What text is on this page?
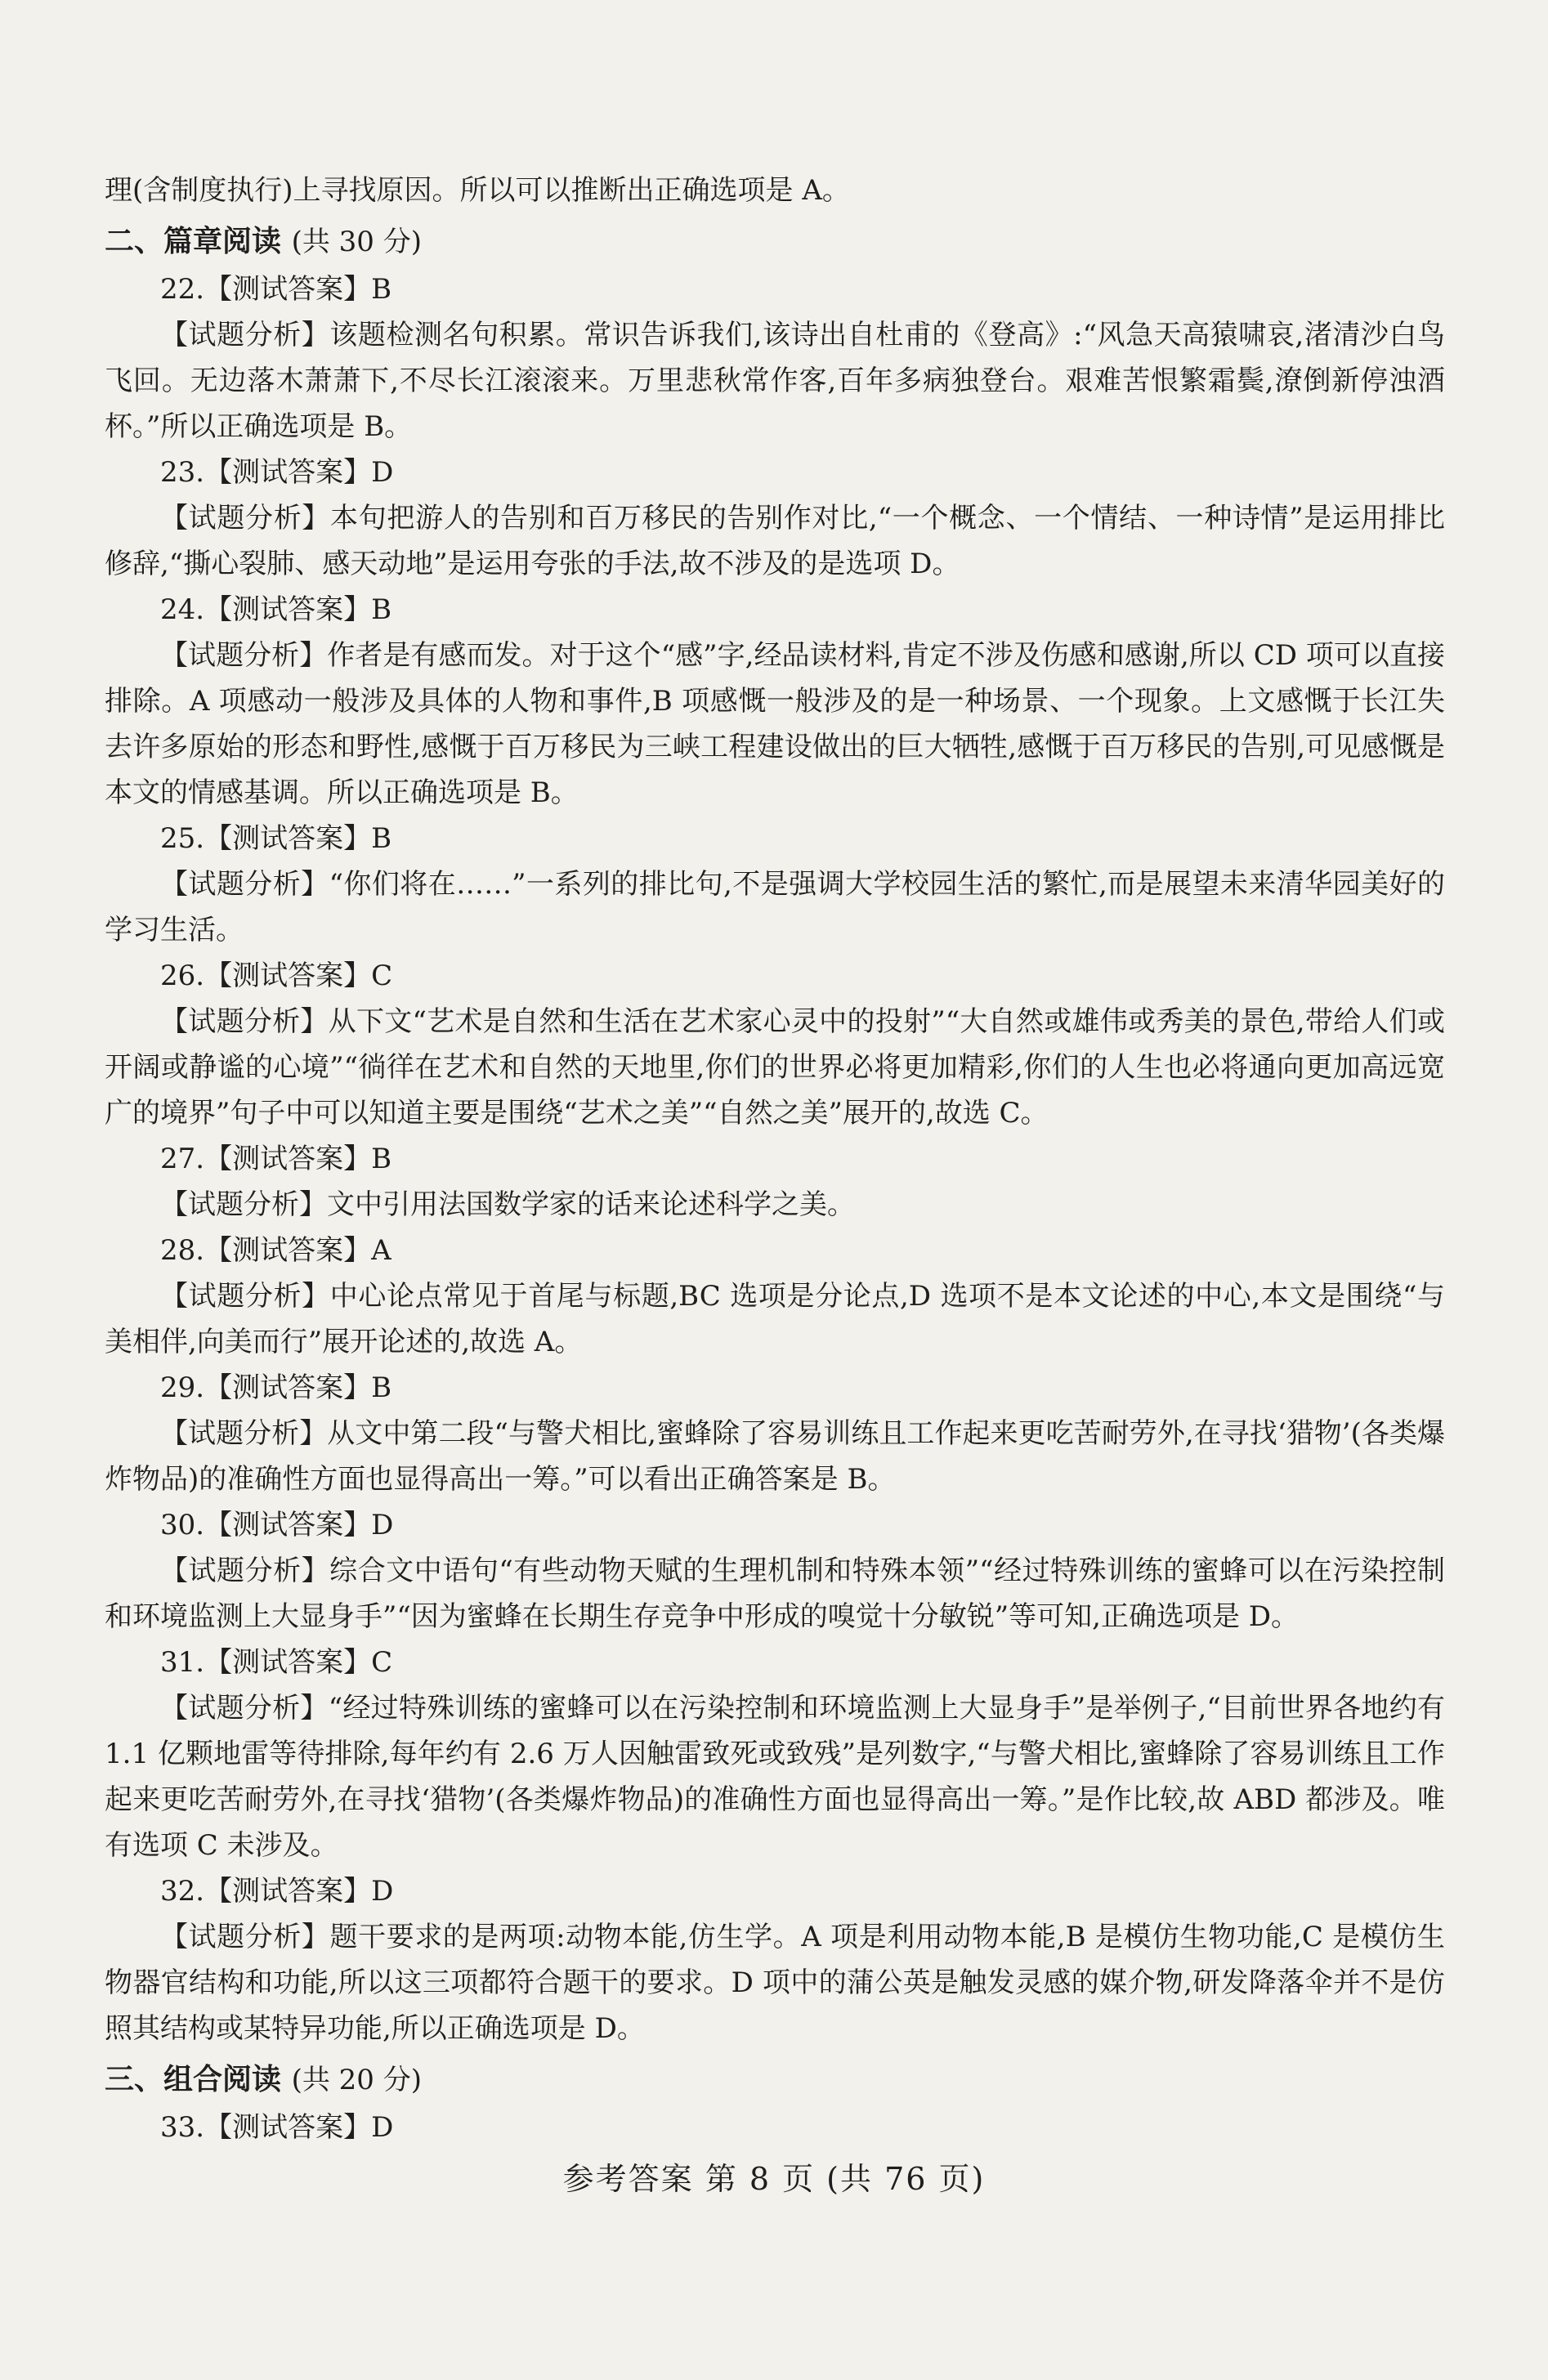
理(含制度执行)上寻找原因。所以可以推断出正确选项是 A。

二、篇章阅读 (共 30 分)

22.【测试答案】B

【试题分析】该题检测名句积累。常识告诉我们,该诗出自杜甫的《登高》:“风急天高猿啸哀,渚清沙白鸟飞回。无边落木萧萧下,不尽长江滚滚来。万里悲秋常作客,百年多病独登台。艰难苦恨繁霜鬓,潦倒新停浊酒杯。”所以正确选项是 B。

23.【测试答案】D

【试题分析】本句把游人的告别和百万移民的告别作对比,“一个概念、一个情结、一种诗情”是运用排比修辞,“撕心裂肺、感天动地”是运用夸张的手法,故不涉及的是选项 D。

24.【测试答案】B

【试题分析】作者是有感而发。对于这个“感”字,经品读材料,肯定不涉及伤感和感谢,所以 CD 项可以直接排除。A 项感动一般涉及具体的人物和事件,B 项感慨一般涉及的是一种场景、一个现象。上文感慨于长江失去许多原始的形态和野性,感慨于百万移民为三峡工程建设做出的巨大牺牲,感慨于百万移民的告别,可见感慨是本文的情感基调。所以正确选项是 B。

25.【测试答案】B

【试题分析】“你们将在……”一系列的排比句,不是强调大学校园生活的繁忙,而是展望未来清华园美好的学习生活。

26.【测试答案】C

【试题分析】从下文“艺术是自然和生活在艺术家心灵中的投射”“大自然或雄伟或秀美的景色,带给人们或开阔或静谧的心境”“徜徉在艺术和自然的天地里,你们的世界必将更加精彩,你们的人生也必将通向更加高远宽广的境界”句子中可以知道主要是围绕“艺术之美”“自然之美”展开的,故选 C。

27.【测试答案】B

【试题分析】文中引用法国数学家的话来论述科学之美。

28.【测试答案】A

【试题分析】中心论点常见于首尾与标题,BC 选项是分论点,D 选项不是本文论述的中心,本文是围绕“与美相伴,向美而行”展开论述的,故选 A。

29.【测试答案】B

【试题分析】从文中第二段“与警犬相比,蜜蜂除了容易训练且工作起来更吃苦耐劳外,在寻找‘猎物’(各类爆炸物品)的准确性方面也显得高出一筹。”可以看出正确答案是 B。

30.【测试答案】D

【试题分析】综合文中语句“有些动物天赋的生理机制和特殊本领”“经过特殊训练的蜜蜂可以在污染控制和环境监测上大显身手”“因为蜜蜂在长期生存竞争中形成的嗅觉十分敏锐”等可知,正确选项是 D。

31.【测试答案】C

【试题分析】“经过特殊训练的蜜蜂可以在污染控制和环境监测上大显身手”是举例子,“目前世界各地约有 1.1 亿颗地雷等待排除,每年约有 2.6 万人因触雷致死或致残”是列数字,“与警犬相比,蜜蜂除了容易训练且工作起来更吃苦耐劳外,在寻找‘猎物’(各类爆炸物品)的准确性方面也显得高出一筹。”是作比较,故 ABD 都涉及。唯有选项 C 未涉及。

32.【测试答案】D

【试题分析】题干要求的是两项:动物本能,仿生学。A 项是利用动物本能,B 是模仿生物功能,C 是模仿生物器官结构和功能,所以这三项都符合题干的要求。D 项中的蒲公英是触发灵感的媒介物,研发降落伞并不是仿照其结构或某特异功能,所以正确选项是 D。

三、组合阅读 (共 20 分)

33.【测试答案】D

参考答案 第 8 页 (共 76 页)
